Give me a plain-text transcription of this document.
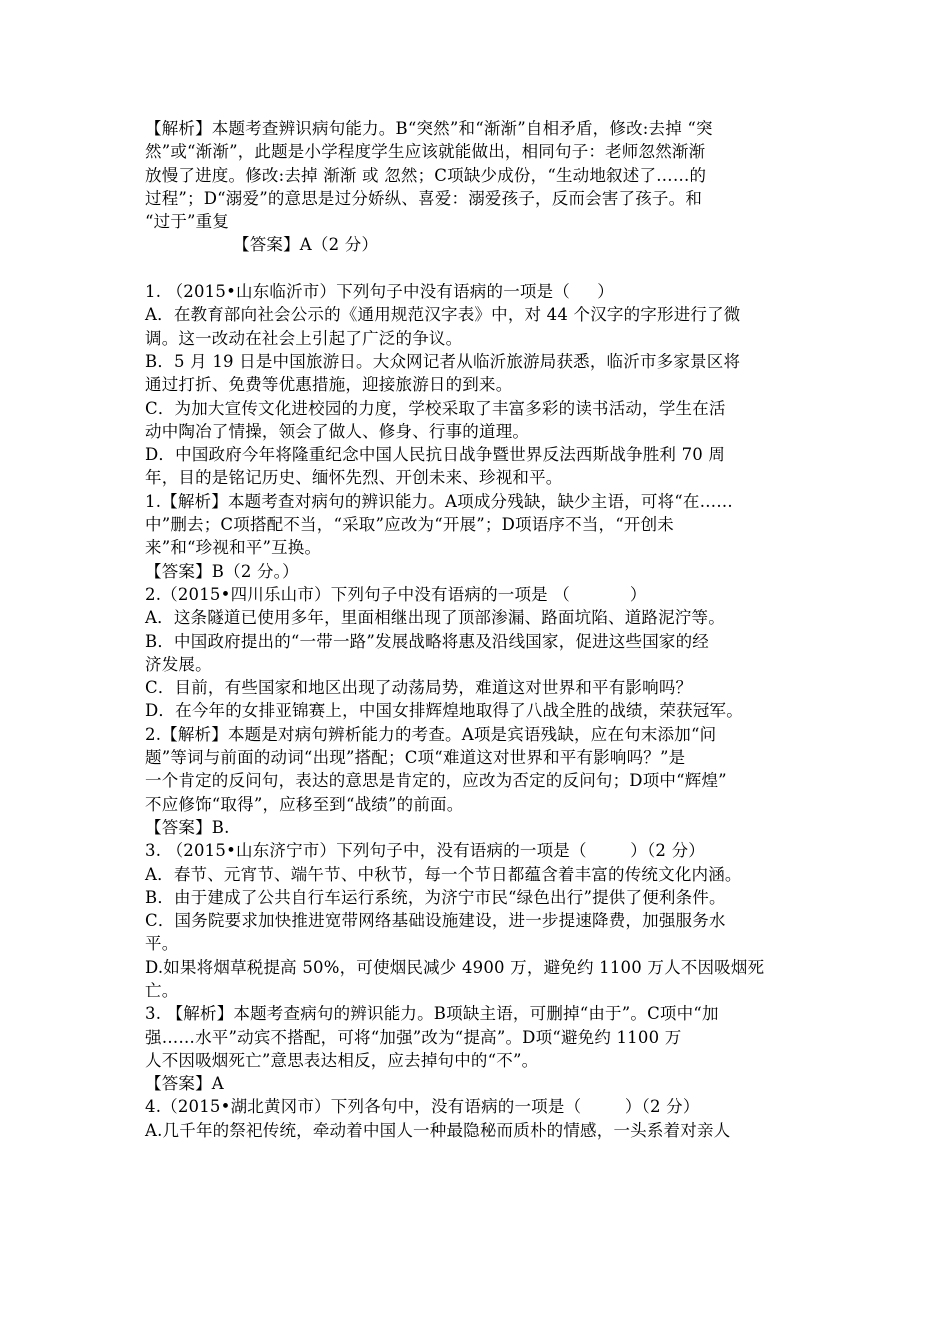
【解析】本题考查辨识病句能力。B“突然”和“渐渐”自相矛盾，修改:去掉 “突
然”或“渐渐”，此题是小学程度学生应该就能做出，相同句子：老师忽然渐渐
放慢了进度。修改:去掉 渐渐 或 忽然；C项缺少成份，“生动地叙述了……的
过程”；D“溺爱”的意思是过分娇纵、喜爱：溺爱孩子，反而会害了孩子。和
“过于”重复
【答案】A（2 分）
1. （2015•山东临沂市）下列句子中没有语病的一项是（     ）
A．在教育部向社会公示的《通用规范汉字表》中，对 44 个汉字的字形进行了微
调。这一改动在社会上引起了广泛的争议。
B．5 月 19 日是中国旅游日。大众网记者从临沂旅游局获悉，临沂市多家景区将
通过打折、免费等优惠措施，迎接旅游日的到来。
C．为加大宣传文化进校园的力度，学校采取了丰富多彩的读书活动，学生在活
动中陶冶了情操，领会了做人、修身、行事的道理。
D．中国政府今年将隆重纪念中国人民抗日战争暨世界反法西斯战争胜利 70 周
年，目的是铭记历史、缅怀先烈、开创未来、珍视和平。
1.【解析】本题考查对病句的辨识能力。A项成分残缺，缺少主语，可将“在……
中”删去；C项搭配不当，“采取”应改为“开展”；D项语序不当，“开创未
来”和“珍视和平”互换。
【答案】B（2 分。）
2.（2015•四川乐山市）下列句子中没有语病的一项是 （           ）
A．这条隧道已使用多年，里面相继出现了顶部渗漏、路面坑陷、道路泥泞等。
B．中国政府提出的“一带一路”发展战略将惠及沿线国家，促进这些国家的经
济发展。
C．目前，有些国家和地区出现了动荡局势，难道这对世界和平有影响吗？
D．在今年的女排亚锦赛上，中国女排辉煌地取得了八战全胜的战绩，荣获冠军。
2.【解析】本题是对病句辨析能力的考查。A项是宾语残缺，应在句末添加“问
题”等词与前面的动词“出现”搭配；C项“难道这对世界和平有影响吗？”是
一个肯定的反问句，表达的意思是肯定的，应改为否定的反问句；D项中“辉煌”
不应修饰“取得”，应移至到“战绩”的前面。
【答案】B.
3. （2015•山东济宁市）下列句子中，没有语病的一项是（        ）（2 分）
A．春节、元宵节、端午节、中秋节，每一个节日都蕴含着丰富的传统文化内涵。
B．由于建成了公共自行车运行系统，为济宁市民“绿色出行”提供了便利条件。
C．国务院要求加快推进宽带网络基础设施建设，进一步提速降费，加强服务水
平。
D.如果将烟草税提高 50%，可使烟民减少 4900 万，避免约 1100 万人不因吸烟死
亡。
3. 【解析】本题考查病句的辨识能力。B项缺主语，可删掉“由于”。C项中“加
强……水平”动宾不搭配，可将“加强”改为“提高”。D项“避免约 1100 万
人不因吸烟死亡”意思表达相反，应去掉句中的“不”。
【答案】A
4.（2015•湖北黄冈市）下列各句中，没有语病的一项是（        ）（2 分）
A.几千年的祭祀传统，牵动着中国人一种最隐秘而质朴的情感，一头系着对亲人
